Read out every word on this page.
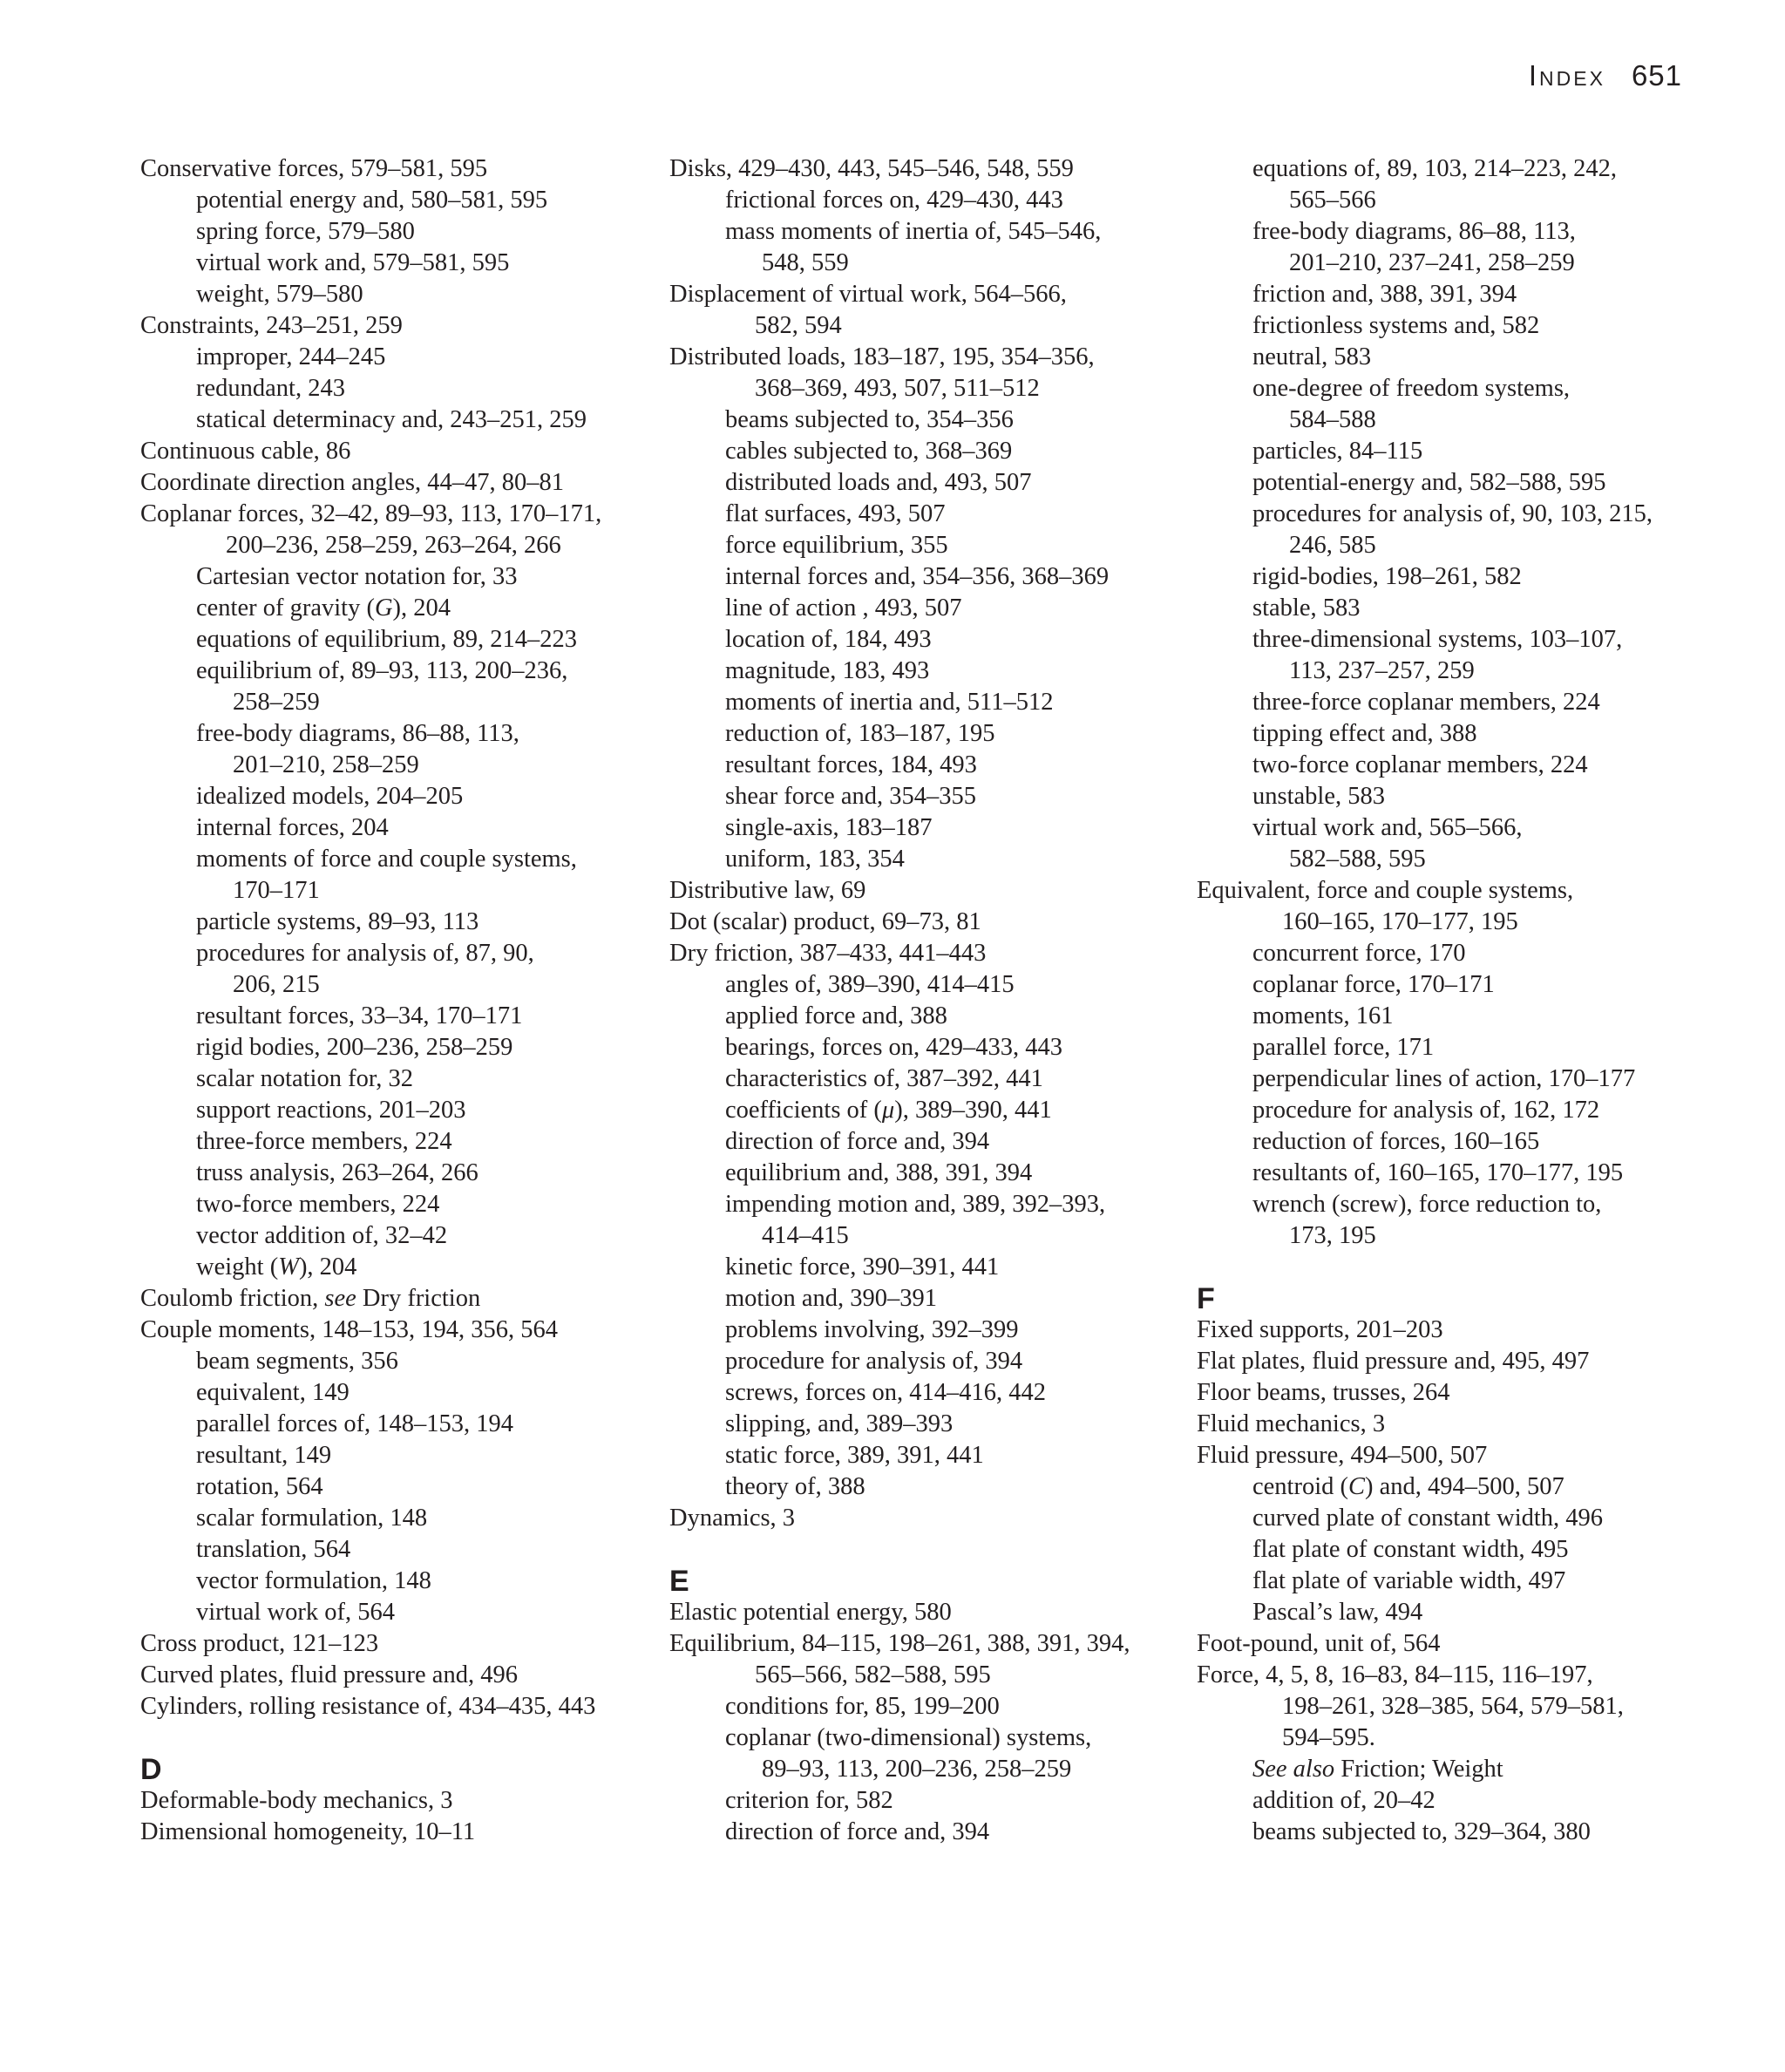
Index 651
Conservative forces, 579–581, 595
potential energy and, 580–581, 595
spring force, 579–580
virtual work and, 579–581, 595
weight, 579–580
Constraints, 243–251, 259
improper, 244–245
redundant, 243
statical determinacy and, 243–251, 259
Continuous cable, 86
Coordinate direction angles, 44–47, 80–81
Coplanar forces, 32–42, 89–93, 113, 170–171,
200–236, 258–259, 263–264, 266
Cartesian vector notation for, 33
center of gravity (G), 204
equations of equilibrium, 89, 214–223
equilibrium of, 89–93, 113, 200–236,
258–259
free-body diagrams, 86–88, 113,
201–210, 258–259
idealized models, 204–205
internal forces, 204
moments of force and couple systems,
170–171
particle systems, 89–93, 113
procedures for analysis of, 87, 90,
206, 215
resultant forces, 33–34, 170–171
rigid bodies, 200–236, 258–259
scalar notation for, 32
support reactions, 201–203
three-force members, 224
truss analysis, 263–264, 266
two-force members, 224
vector addition of, 32–42
weight (W), 204
Coulomb friction, see Dry friction
Couple moments, 148–153, 194, 356, 564
beam segments, 356
equivalent, 149
parallel forces of, 148–153, 194
resultant, 149
rotation, 564
scalar formulation, 148
translation, 564
vector formulation, 148
virtual work of, 564
Cross product, 121–123
Curved plates, fluid pressure and, 496
Cylinders, rolling resistance of, 434–435, 443
D
Deformable-body mechanics, 3
Dimensional homogeneity, 10–11
Disks, 429–430, 443, 545–546, 548, 559
frictional forces on, 429–430, 443
mass moments of inertia of, 545–546,
548, 559
Displacement of virtual work, 564–566,
582, 594
Distributed loads, 183–187, 195, 354–356,
368–369, 493, 507, 511–512
beams subjected to, 354–356
cables subjected to, 368–369
distributed loads and, 493, 507
flat surfaces, 493, 507
force equilibrium, 355
internal forces and, 354–356, 368–369
line of action , 493, 507
location of, 184, 493
magnitude, 183, 493
moments of inertia and, 511–512
reduction of, 183–187, 195
resultant forces, 184, 493
shear force and, 354–355
single-axis, 183–187
uniform, 183, 354
Distributive law, 69
Dot (scalar) product, 69–73, 81
Dry friction, 387–433, 441–443
angles of, 389–390, 414–415
applied force and, 388
bearings, forces on, 429–433, 443
characteristics of, 387–392, 441
coefficients of (μ), 389–390, 441
direction of force and, 394
equilibrium and, 388, 391, 394
impending motion and, 389, 392–393,
414–415
kinetic force, 390–391, 441
motion and, 390–391
problems involving, 392–399
procedure for analysis of, 394
screws, forces on, 414–416, 442
slipping, and, 389–393
static force, 389, 391, 441
theory of, 388
Dynamics, 3
E
Elastic potential energy, 580
Equilibrium, 84–115, 198–261, 388, 391, 394,
565–566, 582–588, 595
conditions for, 85, 199–200
coplanar (two-dimensional) systems,
89–93, 113, 200–236, 258–259
criterion for, 582
direction of force and, 394
equations of, 89, 103, 214–223, 242,
565–566
free-body diagrams, 86–88, 113,
201–210, 237–241, 258–259
friction and, 388, 391, 394
frictionless systems and, 582
neutral, 583
one-degree of freedom systems,
584–588
particles, 84–115
potential-energy and, 582–588, 595
procedures for analysis of, 90, 103, 215,
246, 585
rigid-bodies, 198–261, 582
stable, 583
three-dimensional systems, 103–107,
113, 237–257, 259
three-force coplanar members, 224
tipping effect and, 388
two-force coplanar members, 224
unstable, 583
virtual work and, 565–566,
582–588, 595
Equivalent, force and couple systems,
160–165, 170–177, 195
concurrent force, 170
coplanar force, 170–171
moments, 161
parallel force, 171
perpendicular lines of action, 170–177
procedure for analysis of, 162, 172
reduction of forces, 160–165
resultants of, 160–165, 170–177, 195
wrench (screw), force reduction to,
173, 195
F
Fixed supports, 201–203
Flat plates, fluid pressure and, 495, 497
Floor beams, trusses, 264
Fluid mechanics, 3
Fluid pressure, 494–500, 507
centroid (C) and, 494–500, 507
curved plate of constant width, 496
flat plate of constant width, 495
flat plate of variable width, 497
Pascal’s law, 494
Foot-pound, unit of, 564
Force, 4, 5, 8, 16–83, 84–115, 116–197,
198–261, 328–385, 564, 579–581,
594–595.
See also Friction; Weight
addition of, 20–42
beams subjected to, 329–364, 380
